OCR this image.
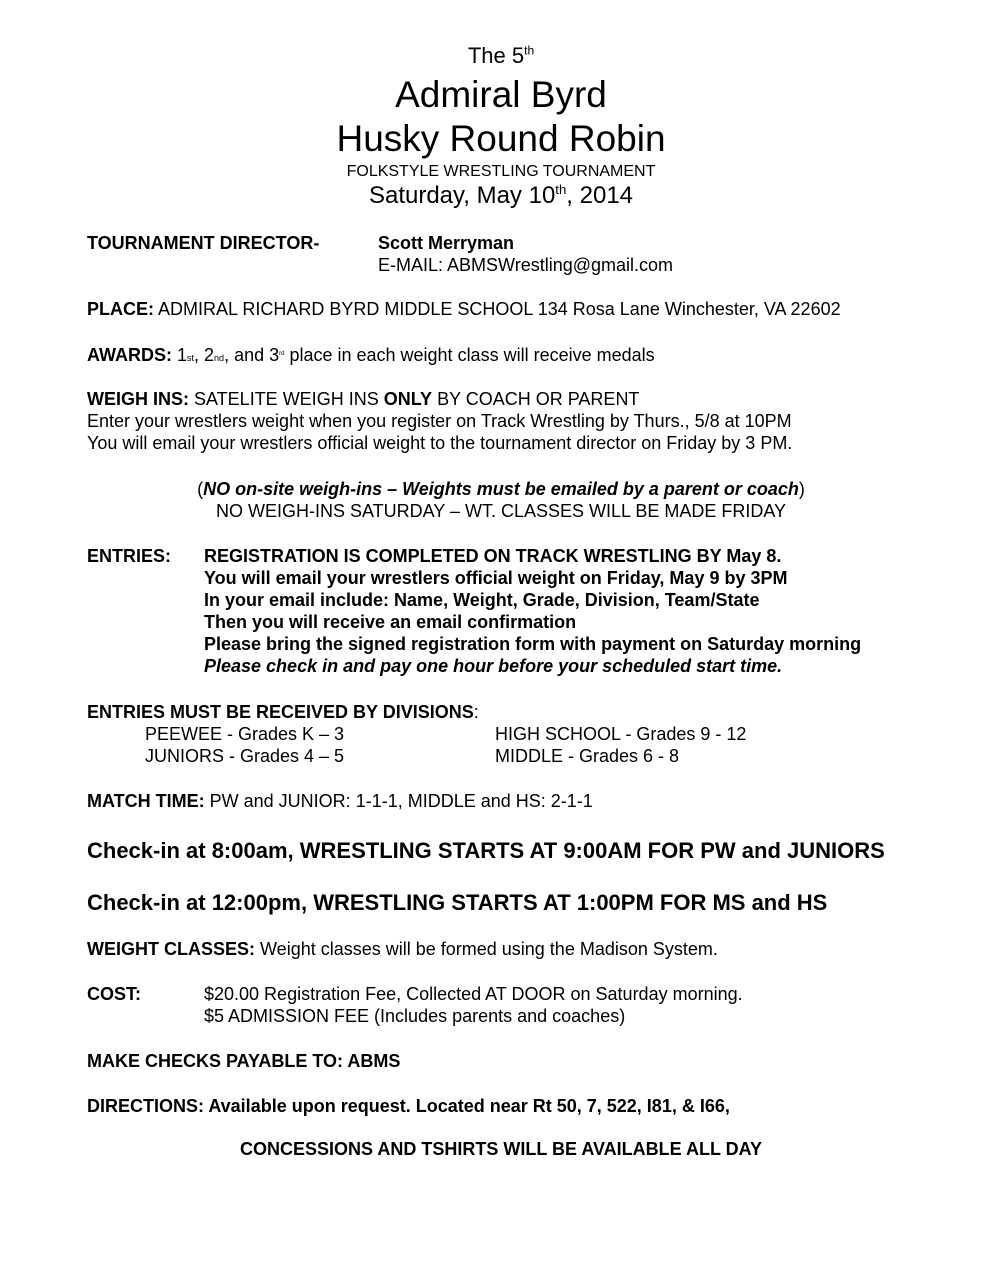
The 5th
Admiral Byrd
Husky Round Robin
FOLKSTYLE WRESTLING TOURNAMENT
Saturday, May 10th, 2014
TOURNAMENT DIRECTOR-	Scott Merryman
E-MAIL: ABMSWrestling@gmail.com
PLACE: ADMIRAL RICHARD BYRD MIDDLE SCHOOL 134 Rosa Lane Winchester, VA 22602
AWARDS: 1st, 2nd, and 3rd place in each weight class will receive medals
WEIGH INS: SATELITE WEIGH INS ONLY BY COACH OR PARENT
Enter your wrestlers weight when you register on Track Wrestling by Thurs., 5/8 at 10PM
You will email your wrestlers official weight to the tournament director on Friday by 3 PM.
(NO on-site weigh-ins – Weights must be emailed by a parent or coach)
NO WEIGH-INS SATURDAY – WT. CLASSES WILL BE MADE FRIDAY
ENTRIES: REGISTRATION IS COMPLETED ON TRACK WRESTLING BY May 8.
You will email your wrestlers official weight on Friday, May 9 by 3PM
In your email include: Name, Weight, Grade, Division, Team/State
Then you will receive an email confirmation
Please bring the signed registration form with payment on Saturday morning
Please check in and pay one hour before your scheduled start time.
ENTRIES MUST BE RECEIVED BY DIVISIONS:
PEEWEE - Grades K – 3	HIGH SCHOOL - Grades 9 - 12
JUNIORS - Grades 4 – 5	MIDDLE - Grades 6 - 8
MATCH TIME: PW and JUNIOR: 1-1-1, MIDDLE and HS: 2-1-1
Check-in at 8:00am, WRESTLING STARTS AT 9:00AM FOR PW and JUNIORS
Check-in at 12:00pm, WRESTLING STARTS AT 1:00PM FOR MS and HS
WEIGHT CLASSES: Weight classes will be formed using the Madison System.
COST:	$20.00 Registration Fee, Collected AT DOOR on Saturday morning.
$5 ADMISSION FEE (Includes parents and coaches)
MAKE CHECKS PAYABLE TO: ABMS
DIRECTIONS: Available upon request. Located near Rt 50, 7, 522, I81, & I66,
CONCESSIONS AND TSHIRTS WILL BE AVAILABLE ALL DAY
